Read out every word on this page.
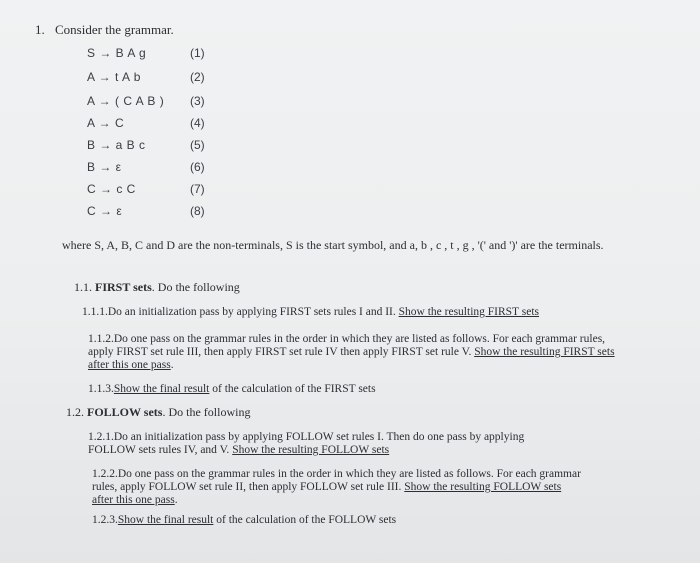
1. Consider the grammar.
S → B A g	(1)
A → t A b	(2)
A → ( C A B ) (3)
A → C	(4)
B → a B c	(5)
B → ε	(6)
C → c C	(7)
C → ε	(8)
where S, A, B, C and D are the non-terminals, S is the start symbol, and a, b , c , t , g , '(' and ')' are the terminals.
1.1. FIRST sets. Do the following
1.1.1.Do an initialization pass by applying FIRST sets rules I and II. Show the resulting FIRST sets
1.1.2.Do one pass on the grammar rules in the order in which they are listed as follows. For each grammar rules, apply FIRST set rule III, then apply FIRST set rule IV then apply FIRST set rule V. Show the resulting FIRST sets after this one pass.
1.1.3.Show the final result of the calculation of the FIRST sets
1.2. FOLLOW sets. Do the following
1.2.1.Do an initialization pass by applying FOLLOW set rules I. Then do one pass by applying FOLLOW sets rules IV, and V. Show the resulting FOLLOW sets
1.2.2.Do one pass on the grammar rules in the order in which they are listed as follows. For each grammar rules, apply FOLLOW set rule II, then apply FOLLOW set rule III. Show the resulting FOLLOW sets after this one pass.
1.2.3.Show the final result of the calculation of the FOLLOW sets
